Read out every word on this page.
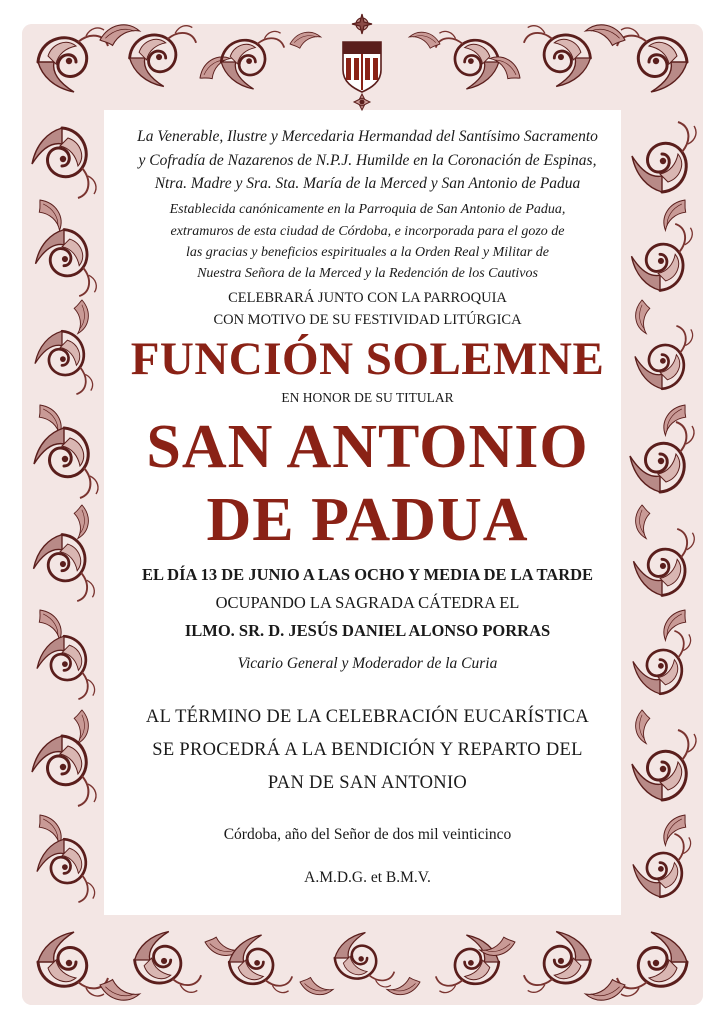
La Venerable, Ilustre y Mercedaria Hermandad del Santísimo Sacramento
y Cofradía de Nazarenos de N.P.J. Humilde en la Coronación de Espinas,
Ntra. Madre y Sra. Sta. María de la Merced y San Antonio de Padua
Establecida canónicamente en la Parroquia de San Antonio de Padua,
extramuros de esta ciudad de Córdoba, e incorporada para el gozo de
las gracias y beneficios espirituales a la Orden Real y Militar de
Nuestra Señora de la Merced y la Redención de los Cautivos
CELEBRARÁ JUNTO CON LA PARROQUIA
CON MOTIVO DE SU FESTIVIDAD LITÚRGICA
FUNCIÓN SOLEMNE
EN HONOR DE SU TITULAR
SAN ANTONIO
DE PADUA
EL DÍA 13 DE JUNIO A LAS OCHO Y MEDIA DE LA TARDE
OCUPANDO LA SAGRADA CÁTEDRA EL
ILMO. SR. D. JESÚS DANIEL ALONSO PORRAS
Vicario General y Moderador de la Curia
AL TÉRMINO DE LA CELEBRACIÓN EUCARÍSTICA
SE PROCEDRÁ A LA BENDICIÓN Y REPARTO DEL
PAN DE SAN ANTONIO
Córdoba, año del Señor de dos mil veinticinco
A.M.D.G. et B.M.V.
